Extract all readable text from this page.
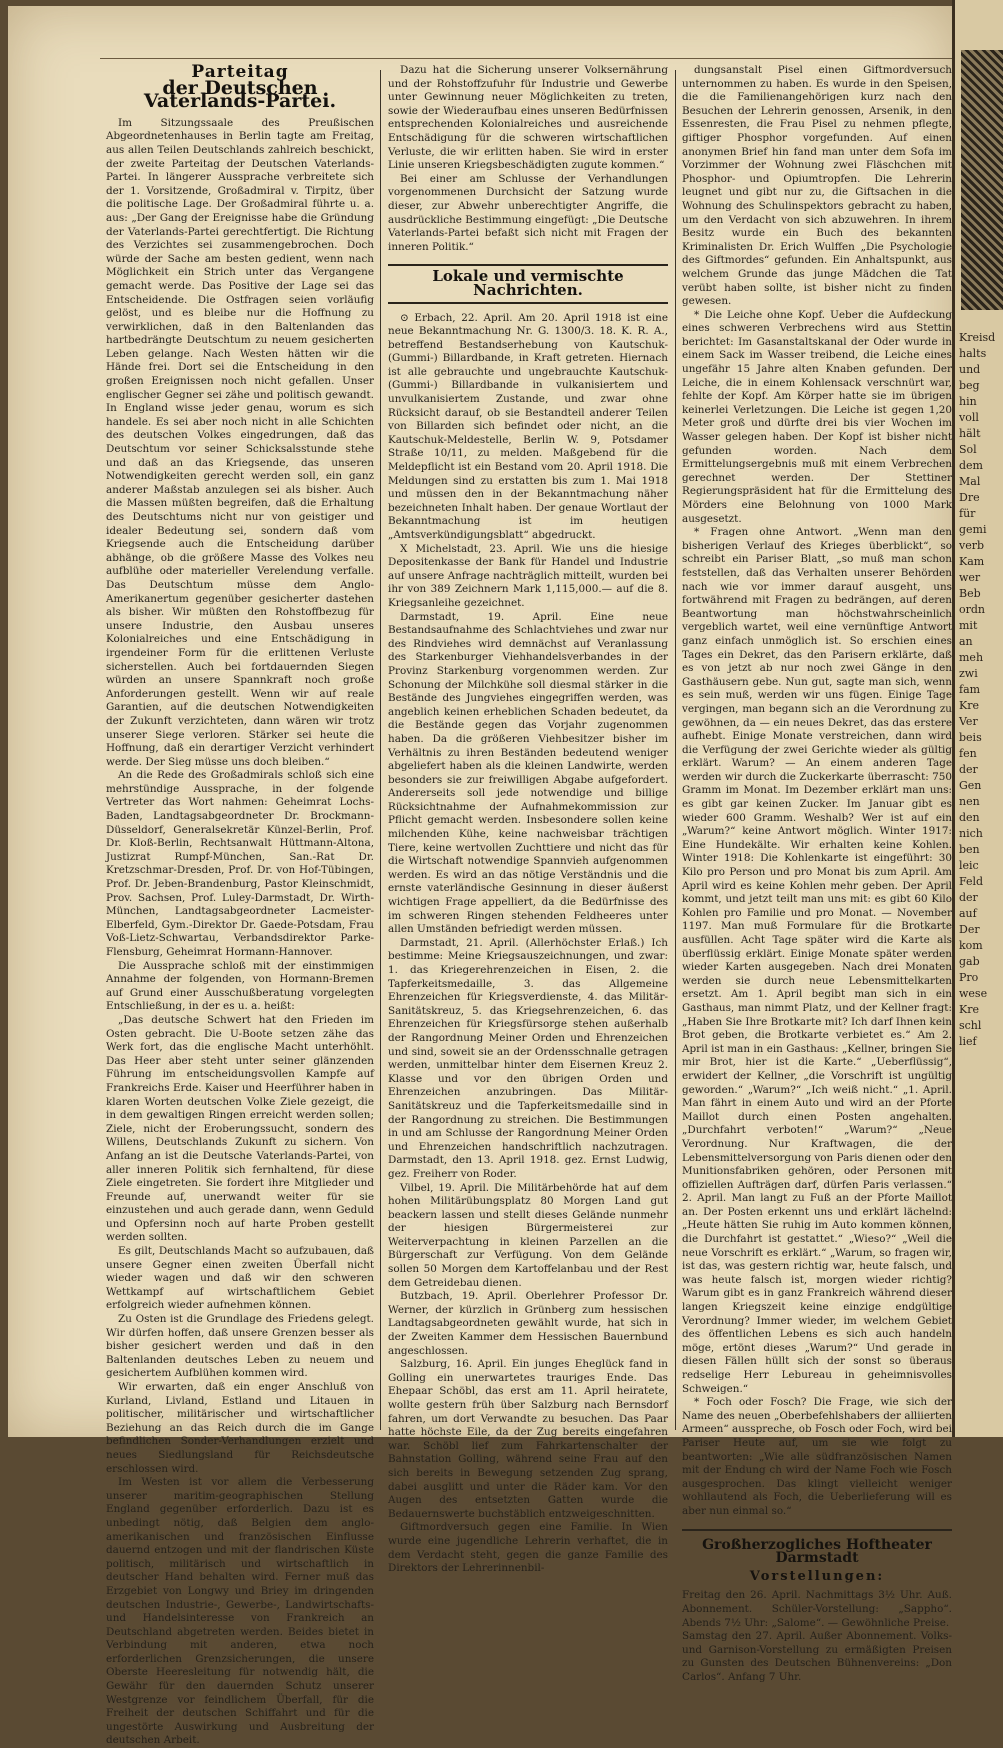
Kreisd
halts
und
beg
hin
voll
hält
Sol
dem
Mal
Dre
für
gemi
verb
Kam
wer
Beb
ordn
mit
an
meh
zwi
fam
Kre
Ver
beis
fen
der
Gen
nen
den
nich
ben
leic
Feld
der
auf
Der
kom
gab
Pro
wese
Kre
schl
lief
Parteitag
der Deutschen Vaterlands-Partei.

Im Sitzungssaale des Preußischen Abgeordnetenhauses in Berlin tagte am Freitag, aus allen Teilen Deutschlands zahlreich beschickt, der zweite Parteitag der Deutschen Vaterlands-Partei. In längerer Aussprache verbreitete sich der 1. Vorsitzende, Großadmiral v. Tirpitz, über die politische Lage. Der Großadmiral führte u. a. aus: „Der Gang der Ereignisse habe die Gründung der Vaterlands-Partei gerechtfertigt. Die Richtung des Verzichtes sei zusammengebrochen. Doch würde der Sache am besten gedient, wenn nach Möglichkeit ein Strich unter das Vergangene gemacht werde. Das Positive der Lage sei das Entscheidende. Die Ostfragen seien vorläufig gelöst, und es bleibe nur die Hoffnung zu verwirklichen, daß in den Baltenlanden das hartbedrängte Deutschtum zu neuem gesicherten Leben gelange. Nach Westen hätten wir die Hände frei. Dort sei die Entscheidung in den großen Ereignissen noch nicht gefallen. Unser englischer Gegner sei zähe und politisch gewandt. In England wisse jeder genau, worum es sich handele. Es sei aber noch nicht in alle Schichten des deutschen Volkes eingedrungen, daß das Deutschtum vor seiner Schicksalsstunde stehe und daß an das Kriegsende, das unseren Notwendigkeiten gerecht werden soll, ein ganz anderer Maßstab anzulegen sei als bisher. Auch die Massen müßten begreifen, daß die Erhaltung des Deutschtums nicht nur von geistiger und idealer Bedeutung sei, sondern daß vom Kriegsende auch die Entscheidung darüber abhänge, ob die größere Masse des Volkes neu aufblühe oder materieller Verelendung verfalle. Das Deutschtum müsse dem Anglo-Amerikanertum gegenüber gesicherter dastehen als bisher. Wir müßten den Rohstoffbezug für unsere Industrie, den Ausbau unseres Kolonialreiches und eine Entschädigung in irgendeiner Form für die erlittenen Verluste sicherstellen. Auch bei fortdauernden Siegen würden an unsere Spannkraft noch große Anforderungen gestellt. Wenn wir auf reale Garantien, auf die deutschen Notwendigkeiten der Zukunft verzichteten, dann wären wir trotz unserer Siege verloren. Stärker sei heute die Hoffnung, daß ein derartiger Verzicht verhindert werde. Der Sieg müsse uns doch bleiben.“

An die Rede des Großadmirals schloß sich eine mehrstündige Aussprache, in der folgende Vertreter das Wort nahmen: Geheimrat Lochs-Baden, Landtagsabgeordneter Dr. Brockmann-Düsseldorf, Generalsekretär Künzel-Berlin, Prof. Dr. Kloß-Berlin, Rechtsanwalt Hüttmann-Altona, Justizrat Rumpf-München, San.-Rat Dr. Kretzschmar-Dresden, Prof. Dr. von Hof-Tübingen, Prof. Dr. Jeben-Brandenburg, Pastor Kleinschmidt, Prov. Sachsen, Prof. Luley-Darmstadt, Dr. Wirth-München, Landtagsabgeordneter Lacmeister-Elberfeld, Gym.-Direktor Dr. Gaede-Potsdam, Frau Voß-Lietz-Schwartau, Verbandsdirektor Parke-Flensburg, Geheimrat Hormann-Hannover.

Die Aussprache schloß mit der einstimmigen Annahme der folgenden, von Hormann-Bremen auf Grund einer Ausschußberatung vorgelegten Entschließung, in der es u. a. heißt:

„Das deutsche Schwert hat den Frieden im Osten gebracht. Die U-Boote setzen zähe das Werk fort, das die englische Macht unterhöhlt. Das Heer aber steht unter seiner glänzenden Führung im entscheidungsvollen Kampfe auf Frankreichs Erde. Kaiser und Heerführer haben in klaren Worten deutschen Volke Ziele gezeigt, die in dem gewaltigen Ringen erreicht werden sollen; Ziele, nicht der Eroberungssucht, sondern des Willens, Deutschlands Zukunft zu sichern. Von Anfang an ist die Deutsche Vaterlands-Partei, von aller inneren Politik sich fernhaltend, für diese Ziele eingetreten. Sie fordert ihre Mitglieder und Freunde auf, unerwandt weiter für sie einzustehen und auch gerade dann, wenn Geduld und Opfersinn noch auf harte Proben gestellt werden sollten.

Es gilt, Deutschlands Macht so aufzubauen, daß unsere Gegner einen zweiten Überfall nicht wieder wagen und daß wir den schweren Wettkampf auf wirtschaftlichem Gebiet erfolgreich wieder aufnehmen können.

Zu Osten ist die Grundlage des Friedens gelegt. Wir dürfen hoffen, daß unsere Grenzen besser als bisher gesichert werden und daß in den Baltenlanden deutsches Leben zu neuem und gesichertem Aufblühen kommen wird.

Wir erwarten, daß ein enger Anschluß von Kurland, Livland, Estland und Litauen in politischer, militärischer und wirtschaftlicher Beziehung an das Reich durch die im Gange befindlichen Sonder-Verhandlungen erzielt und neues Siedlungsland für Reichsdeutsche erschlossen wird.

Im Westen ist vor allem die Verbesserung unserer maritim-geographischen Stellung England gegenüber erforderlich. Dazu ist es unbedingt nötig, daß Belgien dem anglo-amerikanischen und französischen Einflusse dauernd entzogen und mit der flandrischen Küste politisch, militärisch und wirtschaftlich in deutscher Hand behalten wird. Ferner muß das Erzgebiet von Longwy und Briey im dringenden deutschen Industrie-, Gewerbe-, Landwirtschafts- und Handelsinteresse von Frankreich an Deutschland abgetreten werden. Beides bietet in Verbindung mit anderen, etwa noch erforderlichen Grenzsicherungen, die unsere Oberste Heeresleitung für notwendig hält, die Gewähr für den dauernden Schutz unserer Westgrenze vor feindlichem Überfall, für die Freiheit der deutschen Schiffahrt und für die ungestörte Auswirkung und Ausbreitung der deutschen Arbeit.

Dazu hat die Sicherung unserer Volksernährung und der Rohstoffzufuhr für Industrie und Gewerbe unter Gewinnung neuer Möglichkeiten zu treten, sowie der Wiederaufbau eines unseren Bedürfnissen entsprechenden Kolonialreiches und ausreichende Entschädigung für die schweren wirtschaftlichen Verluste, die wir erlitten haben. Sie wird in erster Linie unseren Kriegsbeschädigten zugute kommen.“

Bei einer am Schlusse der Verhandlungen vorgenommenen Durchsicht der Satzung wurde dieser, zur Abwehr unberechtigter Angriffe, die ausdrückliche Bestimmung eingefügt: „Die Deutsche Vaterlands-Partei befaßt sich nicht mit Fragen der inneren Politik.“

Lokale und vermischte Nachrichten.

⊙ Erbach, 22. April. Am 20. April 1918 ist eine neue Bekanntmachung Nr. G. 1300/3. 18. K. R. A., betreffend Bestandserhebung von Kautschuk-(Gummi-) Billardbande, in Kraft getreten. Hiernach ist alle gebrauchte und ungebrauchte Kautschuk-(Gummi-) Billardbande in vulkanisiertem und unvulkanisiertem Zustande, und zwar ohne Rücksicht darauf, ob sie Bestandteil anderer Teilen von Billarden sich befindet oder nicht, an die Kautschuk-Meldestelle, Berlin W. 9, Potsdamer Straße 10/11, zu melden. Maßgebend für die Meldepflicht ist ein Bestand vom 20. April 1918. Die Meldungen sind zu erstatten bis zum 1. Mai 1918 und müssen den in der Bekanntmachung näher bezeichneten Inhalt haben. Der genaue Wortlaut der Bekanntmachung ist im heutigen „Amtsverkündigungsblatt“ abgedruckt.

X Michelstadt, 23. April. Wie uns die hiesige Depositenkasse der Bank für Handel und Industrie auf unsere Anfrage nachträglich mitteilt, wurden bei ihr von 389 Zeichnern Mark 1,115,000.— auf die 8. Kriegsanleihe gezeichnet.

Darmstadt, 19. April. Eine neue Bestandsaufnahme des Schlachtviehes und zwar nur des Rindviehes wird demnächst auf Veranlassung des Starkenburger Viehhandelsverbandes in der Provinz Starkenburg vorgenommen werden. Zur Schonung der Milchkühe soll diesmal stärker in die Bestände des Jungviehes eingegriffen werden, was angeblich keinen erheblichen Schaden bedeutet, da die Bestände gegen das Vorjahr zugenommen haben. Da die größeren Viehbesitzer bisher im Verhältnis zu ihren Beständen bedeutend weniger abgeliefert haben als die kleinen Landwirte, werden besonders sie zur freiwilligen Abgabe aufgefordert. Andererseits soll jede notwendige und billige Rücksichtnahme der Aufnahmekommission zur Pflicht gemacht werden. Insbesondere sollen keine milchenden Kühe, keine nachweisbar trächtigen Tiere, keine wertvollen Zuchttiere und nicht das für die Wirtschaft notwendige Spannvieh aufgenommen werden. Es wird an das nötige Verständnis und die ernste vaterländische Gesinnung in dieser äußerst wichtigen Frage appelliert, da die Bedürfnisse des im schweren Ringen stehenden Feldheeres unter allen Umständen befriedigt werden müssen.

Darmstadt, 21. April. (Allerhöchster Erlaß.) Ich bestimme: Meine Kriegsauszeichnungen, und zwar: 1. das Kriegerehrenzeichen in Eisen, 2. die Tapferkeitsmedaille, 3. das Allgemeine Ehrenzeichen für Kriegsverdienste, 4. das Militär-Sanitätskreuz, 5. das Kriegsehrenzeichen, 6. das Ehrenzeichen für Kriegsfürsorge stehen außerhalb der Rangordnung Meiner Orden und Ehrenzeichen und sind, soweit sie an der Ordensschnalle getragen werden, unmittelbar hinter dem Eisernen Kreuz 2. Klasse und vor den übrigen Orden und Ehrenzeichen anzubringen. Das Militär-Sanitätskreuz und die Tapferkeitsmedaille sind in der Rangordnung zu streichen. Die Bestimmungen in und am Schlusse der Rangordnung Meiner Orden und Ehrenzeichen handschriftlich nachzutragen. Darmstadt, den 13. April 1918. gez. Ernst Ludwig, gez. Freiherr von Roder.

Vilbel, 19. April. Die Militärbehörde hat auf dem hohen Militärübungsplatz 80 Morgen Land gut beackern lassen und stellt dieses Gelände nunmehr der hiesigen Bürgermeisterei zur Weiterverpachtung in kleinen Parzellen an die Bürgerschaft zur Verfügung. Von dem Gelände sollen 50 Morgen dem Kartoffelanbau und der Rest dem Getreidebau dienen.

Butzbach, 19. April. Oberlehrer Professor Dr. Werner, der kürzlich in Grünberg zum hessischen Landtagsabgeordneten gewählt wurde, hat sich in der Zweiten Kammer dem Hessischen Bauernbund angeschlossen.

Salzburg, 16. April. Ein junges Eheglück fand in Golling ein unerwartetes trauriges Ende. Das Ehepaar Schöbl, das erst am 11. April heiratete, wollte gestern früh über Salzburg nach Bernsdorf fahren, um dort Verwandte zu besuchen. Das Paar hatte höchste Eile, da der Zug bereits eingefahren war. Schöbl lief zum Fahrkartenschalter der Bahnstation Golling, während seine Frau auf den sich bereits in Bewegung setzenden Zug sprang, dabei ausglitt und unter die Räder kam. Vor den Augen des entsetzten Gatten wurde die Bedauernswerte buchstäblich entzweigeschnitten.

Giftmordversuch gegen eine Familie. In Wien wurde eine jugendliche Lehrerin verhaftet, die in dem Verdacht steht, gegen die ganze Familie des Direktors der Lehrerinnenbil-

dungsanstalt Pisel einen Giftmordversuch unternommen zu haben. Es wurde in den Speisen, die die Familienangehörigen kurz nach den Besuchen der Lehrerin genossen, Arsenik, in den Essenresten, die Frau Pisel zu nehmen pflegte, giftiger Phosphor vorgefunden. Auf einen anonymen Brief hin fand man unter dem Sofa im Vorzimmer der Wohnung zwei Fläschchen mit Phosphor- und Opiumtropfen. Die Lehrerin leugnet und gibt nur zu, die Giftsachen in die Wohnung des Schulinspektors gebracht zu haben, um den Verdacht von sich abzuwehren. In ihrem Besitz wurde ein Buch des bekannten Kriminalisten Dr. Erich Wulffen „Die Psychologie des Giftmordes“ gefunden. Ein Anhaltspunkt, aus welchem Grunde das junge Mädchen die Tat verübt haben sollte, ist bisher nicht zu finden gewesen.

* Die Leiche ohne Kopf. Ueber die Aufdeckung eines schweren Verbrechens wird aus Stettin berichtet: Im Gasanstaltskanal der Oder wurde in einem Sack im Wasser treibend, die Leiche eines ungefähr 15 Jahre alten Knaben gefunden. Der Leiche, die in einem Kohlensack verschnürt war, fehlte der Kopf. Am Körper hatte sie im übrigen keinerlei Verletzungen. Die Leiche ist gegen 1,20 Meter groß und dürfte drei bis vier Wochen im Wasser gelegen haben. Der Kopf ist bisher nicht gefunden worden. Nach dem Ermittelungsergebnis muß mit einem Verbrechen gerechnet werden. Der Stettiner Regierungspräsident hat für die Ermittelung des Mörders eine Belohnung von 1000 Mark ausgesetzt.

* Fragen ohne Antwort. „Wenn man den bisherigen Verlauf des Krieges überblickt“, so schreibt ein Pariser Blatt, „so muß man schon feststellen, daß das Verhalten unserer Behörden nach wie vor immer darauf ausgeht, uns fortwährend mit Fragen zu bedrängen, auf deren Beantwortung man höchstwahrscheinlich vergeblich wartet, weil eine vernünftige Antwort ganz einfach unmöglich ist. So erschien eines Tages ein Dekret, das den Parisern erklärte, daß es von jetzt ab nur noch zwei Gänge in den Gasthäusern gebe. Nun gut, sagte man sich, wenn es sein muß, werden wir uns fügen. Einige Tage vergingen, man begann sich an die Verordnung zu gewöhnen, da — ein neues Dekret, das das erstere aufhebt. Einige Monate verstreichen, dann wird die Verfügung der zwei Gerichte wieder als gültig erklärt. Warum? — An einem anderen Tage werden wir durch die Zuckerkarte überrascht: 750 Gramm im Monat. Im Dezember erklärt man uns: es gibt gar keinen Zucker. Im Januar gibt es wieder 600 Gramm. Weshalb? Wer ist auf ein „Warum?“ keine Antwort möglich. Winter 1917: Eine Hundekälte. Wir erhalten keine Kohlen. Winter 1918: Die Kohlenkarte ist eingeführt: 30 Kilo pro Person und pro Monat bis zum April. Am April wird es keine Kohlen mehr geben. Der April kommt, und jetzt teilt man uns mit: es gibt 60 Kilo Kohlen pro Familie und pro Monat. — November 1197. Man muß Formulare für die Brotkarte ausfüllen. Acht Tage später wird die Karte als überflüssig erklärt. Einige Monate später werden wieder Karten ausgegeben. Nach drei Monaten werden sie durch neue Lebensmittelkarten ersetzt. Am 1. April begibt man sich in ein Gasthaus, man nimmt Platz, und der Kellner fragt: „Haben Sie Ihre Brotkarte mit? Ich darf Ihnen kein Brot geben, die Brotkarte verbietet es.“ Am 2. April ist man in ein Gasthaus: „Kellner, bringen Sie mir Brot, hier ist die Karte.“ „Ueberflüssig“, erwidert der Kellner, „die Vorschrift ist ungültig geworden.“ „Warum?“ „Ich weiß nicht.“ „1. April. Man fährt in einem Auto und wird an der Pforte Maillot durch einen Posten angehalten. „Durchfahrt verboten!“ „Warum?“ „Neue Verordnung. Nur Kraftwagen, die der Lebensmittelversorgung von Paris dienen oder den Munitionsfabriken gehören, oder Personen mit offiziellen Aufträgen darf, dürfen Paris verlassen.“ 2. April. Man langt zu Fuß an der Pforte Maillot an. Der Posten erkennt uns und erklärt lächelnd: „Heute hätten Sie ruhig im Auto kommen können, die Durchfahrt ist gestattet.“ „Wieso?“ „Weil die neue Vorschrift es erklärt.“ „Warum, so fragen wir, ist das, was gestern richtig war, heute falsch, und was heute falsch ist, morgen wieder richtig? Warum gibt es in ganz Frankreich während dieser langen Kriegszeit keine einzige endgültige Verordnung? Immer wieder, im welchem Gebiet des öffentlichen Lebens es sich auch handeln möge, ertönt dieses „Warum?“ Und gerade in diesen Fällen hüllt sich der sonst so überaus redselige Herr Lebureau in geheimnisvolles Schweigen.“

* Foch oder Fosch? Die Frage, wie sich der Name des neuen „Oberbefehlshabers der alliierten Armeen“ ausspreche, ob Fosch oder Foch, wird bei Pariser Heute auf, um sie wie folgt zu beantworten: „Wie alle südfranzösischen Namen mit der Endung ch wird der Name Foch wie Fosch ausgesprochen. Das klingt vielleicht weniger wohllautend als Foch, die Ueberlieferung will es aber nun einmal so.“

Großherzogliches Hoftheater Darmstadt
Vorstellungen:

Freitag den 26. April. Nachmittags 3½ Uhr. Auß. Abonnement. Schüler-Vorstellung: „Sappho“. Abends 7½ Uhr: „Salome“. — Gewöhnliche Preise.

Samstag den 27. April. Außer Abonnement. Volks- und Garnison-Vorstellung zu ermäßigten Preisen zu Gunsten des Deutschen Bühnenvereins: „Don Carlos“. Anfang 7 Uhr.
